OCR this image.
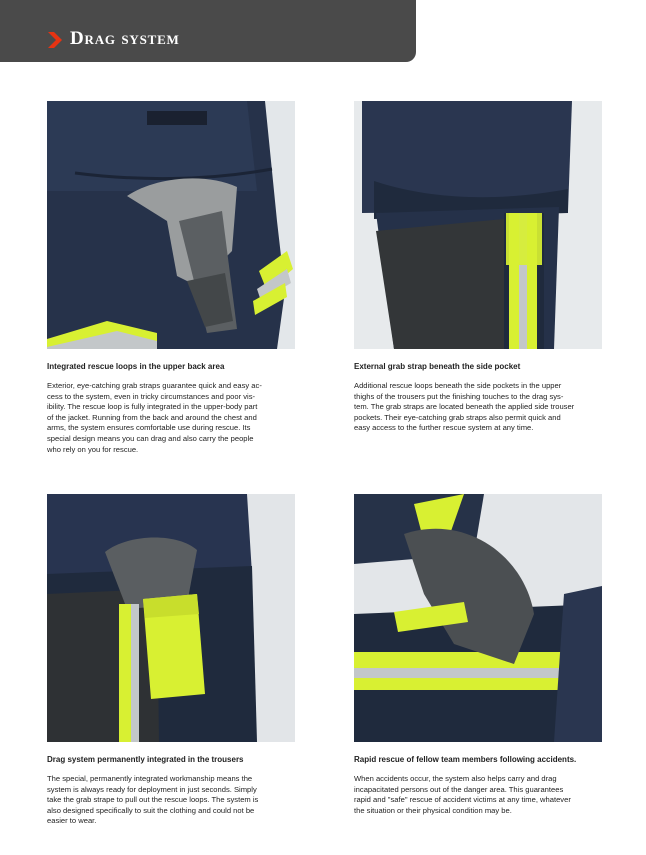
Drag system
Integrated rescue loops in the upper back area
Exterior, eye-catching grab straps guarantee quick and easy ac-
cess to the system, even in tricky circumstances and poor vis-
ibility. The rescue loop is fully integrated in the upper-body part
of the jacket. Running from the back and around the chest and
arms, the system ensures comfortable use during rescue. Its
special design means you can drag and also carry the people
who rely on you for rescue.
External grab strap beneath the side pocket
Additional rescue loops beneath the side pockets in the upper
thighs of the trousers put the finishing touches to the drag sys-
tem. The grab straps are located beneath the applied side trouser
pockets. Their eye-catching grab straps also permit quick and
easy access to the further rescue system at any time.
Drag system permanently integrated in the trousers
The special, permanently integrated workmanship means the
system is always ready for deployment in just seconds. Simply
take the grab strape to pull out the rescue loops. The system is
also designed specifically to suit the clothing and could not be
easier to wear.
Rapid rescue of fellow team members following accidents.
When accidents occur, the system also helps carry and drag
incapacitated persons out of the danger area. This guarantees
rapid and "safe" rescue of accident victims at any time, whatever
the situation or their physical condition may be.
